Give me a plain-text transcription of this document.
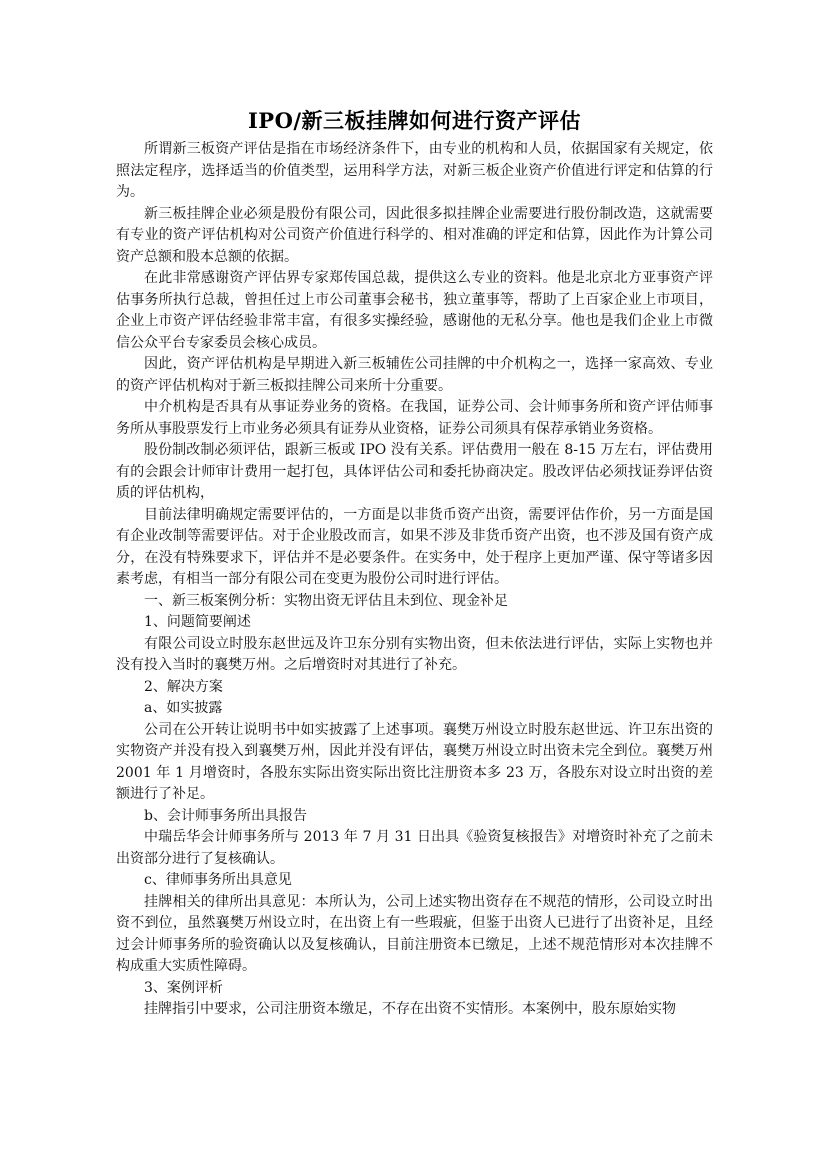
IPO/新三板挂牌如何进行资产评估

所谓新三板资产评估是指在市场经济条件下，由专业的机构和人员，依据国家有关规定，依照法定程序，选择适当的价值类型，运用科学方法，对新三板企业资产价值进行评定和估算的行为。

新三板挂牌企业必须是股份有限公司，因此很多拟挂牌企业需要进行股份制改造，这就需要有专业的资产评估机构对公司资产价值进行科学的、相对准确的评定和估算，因此作为计算公司资产总额和股本总额的依据。

在此非常感谢资产评估界专家郑传国总裁，提供这么专业的资料。他是北京北方亚事资产评估事务所执行总裁，曾担任过上市公司董事会秘书，独立董事等，帮助了上百家企业上市项目，企业上市资产评估经验非常丰富，有很多实操经验，感谢他的无私分享。他也是我们企业上市微信公众平台专家委员会核心成员。

因此，资产评估机构是早期进入新三板辅佐公司挂牌的中介机构之一，选择一家高效、专业的资产评估机构对于新三板拟挂牌公司来所十分重要。

中介机构是否具有从事证券业务的资格。在我国，证券公司、会计师事务所和资产评估师事务所从事股票发行上市业务必须具有证券从业资格，证券公司须具有保荐承销业务资格。

股份制改制必须评估，跟新三板或 IPO 没有关系。评估费用一般在 8-15 万左右，评估费用有的会跟会计师审计费用一起打包，具体评估公司和委托协商决定。股改评估必须找证券评估资质的评估机构，

目前法律明确规定需要评估的，一方面是以非货币资产出资，需要评估作价，另一方面是国有企业改制等需要评估。对于企业股改而言，如果不涉及非货币资产出资，也不涉及国有资产成分，在没有特殊要求下，评估并不是必要条件。在实务中，处于程序上更加严谨、保守等诸多因素考虑，有相当一部分有限公司在变更为股份公司时进行评估。

一、新三板案例分析：实物出资无评估且未到位、现金补足

1、问题简要阐述

有限公司设立时股东赵世远及许卫东分别有实物出资，但未依法进行评估，实际上实物也并没有投入当时的襄樊万州。之后增资时对其进行了补充。

2、解决方案

a、如实披露

公司在公开转让说明书中如实披露了上述事项。襄樊万州设立时股东赵世远、许卫东出资的实物资产并没有投入到襄樊万州，因此并没有评估，襄樊万州设立时出资未完全到位。襄樊万州 2001 年 1 月增资时，各股东实际出资实际出资比注册资本多 23 万，各股东对设立时出资的差额进行了补足。

b、会计师事务所出具报告

中瑞岳华会计师事务所与 2013 年 7 月 31 日出具《验资复核报告》对增资时补充了之前未出资部分进行了复核确认。

c、律师事务所出具意见

挂牌相关的律所出具意见：本所认为，公司上述实物出资存在不规范的情形，公司设立时出资不到位，虽然襄樊万州设立时，在出资上有一些瑕疵，但鉴于出资人已进行了出资补足，且经过会计师事务所的验资确认以及复核确认，目前注册资本已缴足，上述不规范情形对本次挂牌不构成重大实质性障碍。

3、案例评析

挂牌指引中要求，公司注册资本缴足，不存在出资不实情形。本案例中，股东原始实物
